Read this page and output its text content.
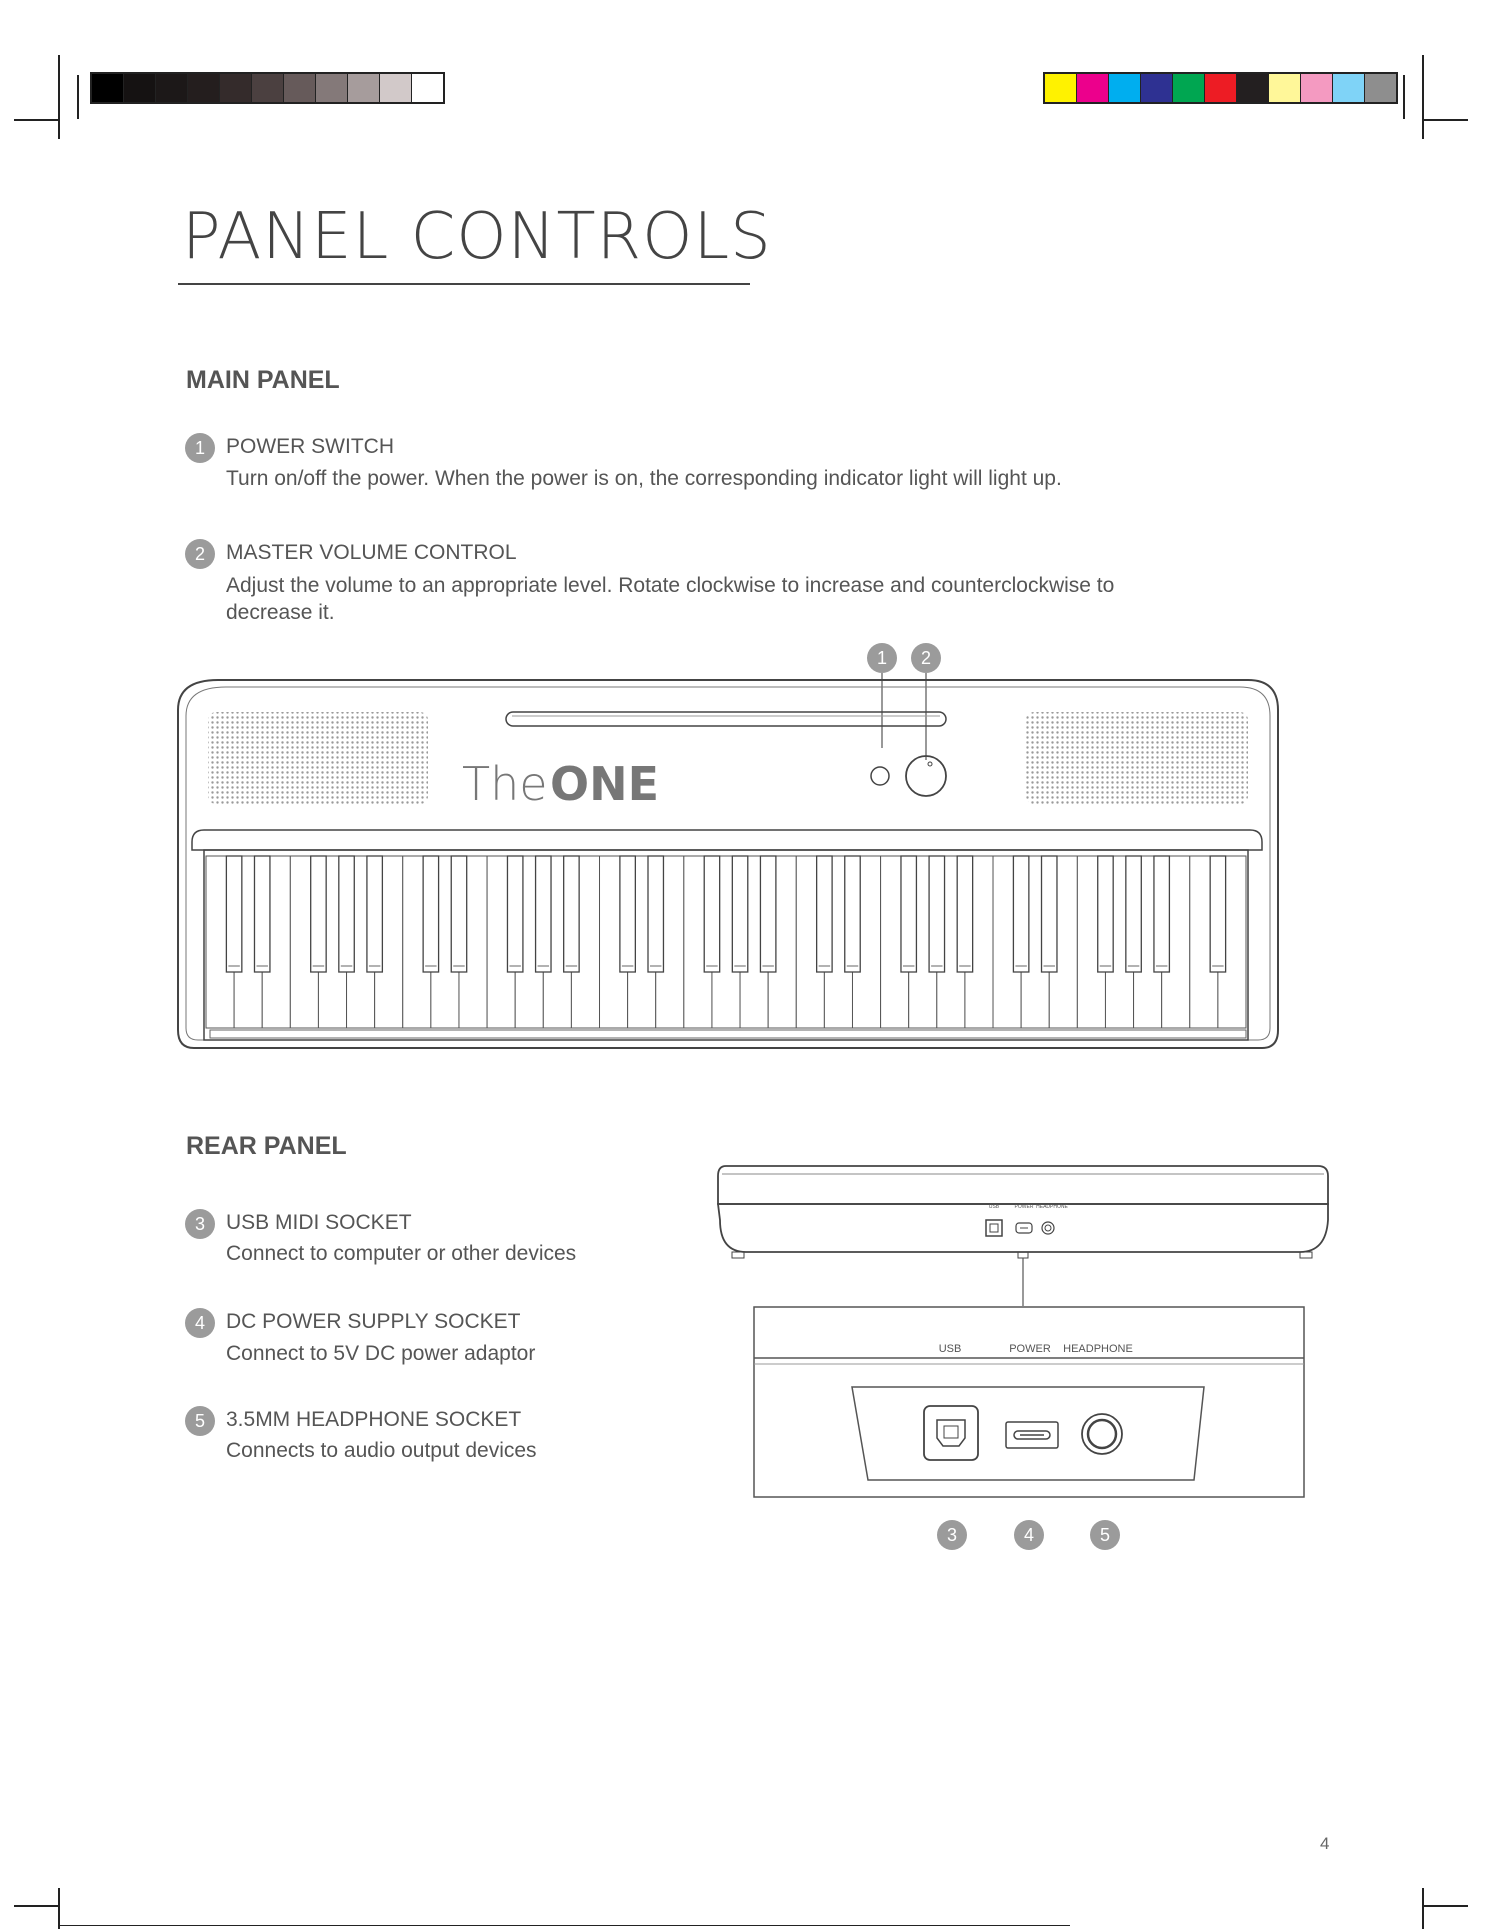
PANEL CONTROLS
MAIN PANEL
1	POWER SWITCH
Turn on/off the power. When the power is on, the corresponding indicator light will light up.
2	MASTER VOLUME CONTROL
Adjust the volume to an appropriate level. Rotate clockwise to increase and counterclockwise to
decrease it.
1	2
The ONE
USB	POWER HEADPHONE
USB	POWER HEADPHONE
REAR PANEL
3	USB MIDI SOCKET
Connect to computer or other devices
4	DC POWER SUPPLY SOCKET
Connect to 5V DC power adaptor
5	3.5MM HEADPHONE SOCKET
Connects to audio output devices
3	4	5
4
